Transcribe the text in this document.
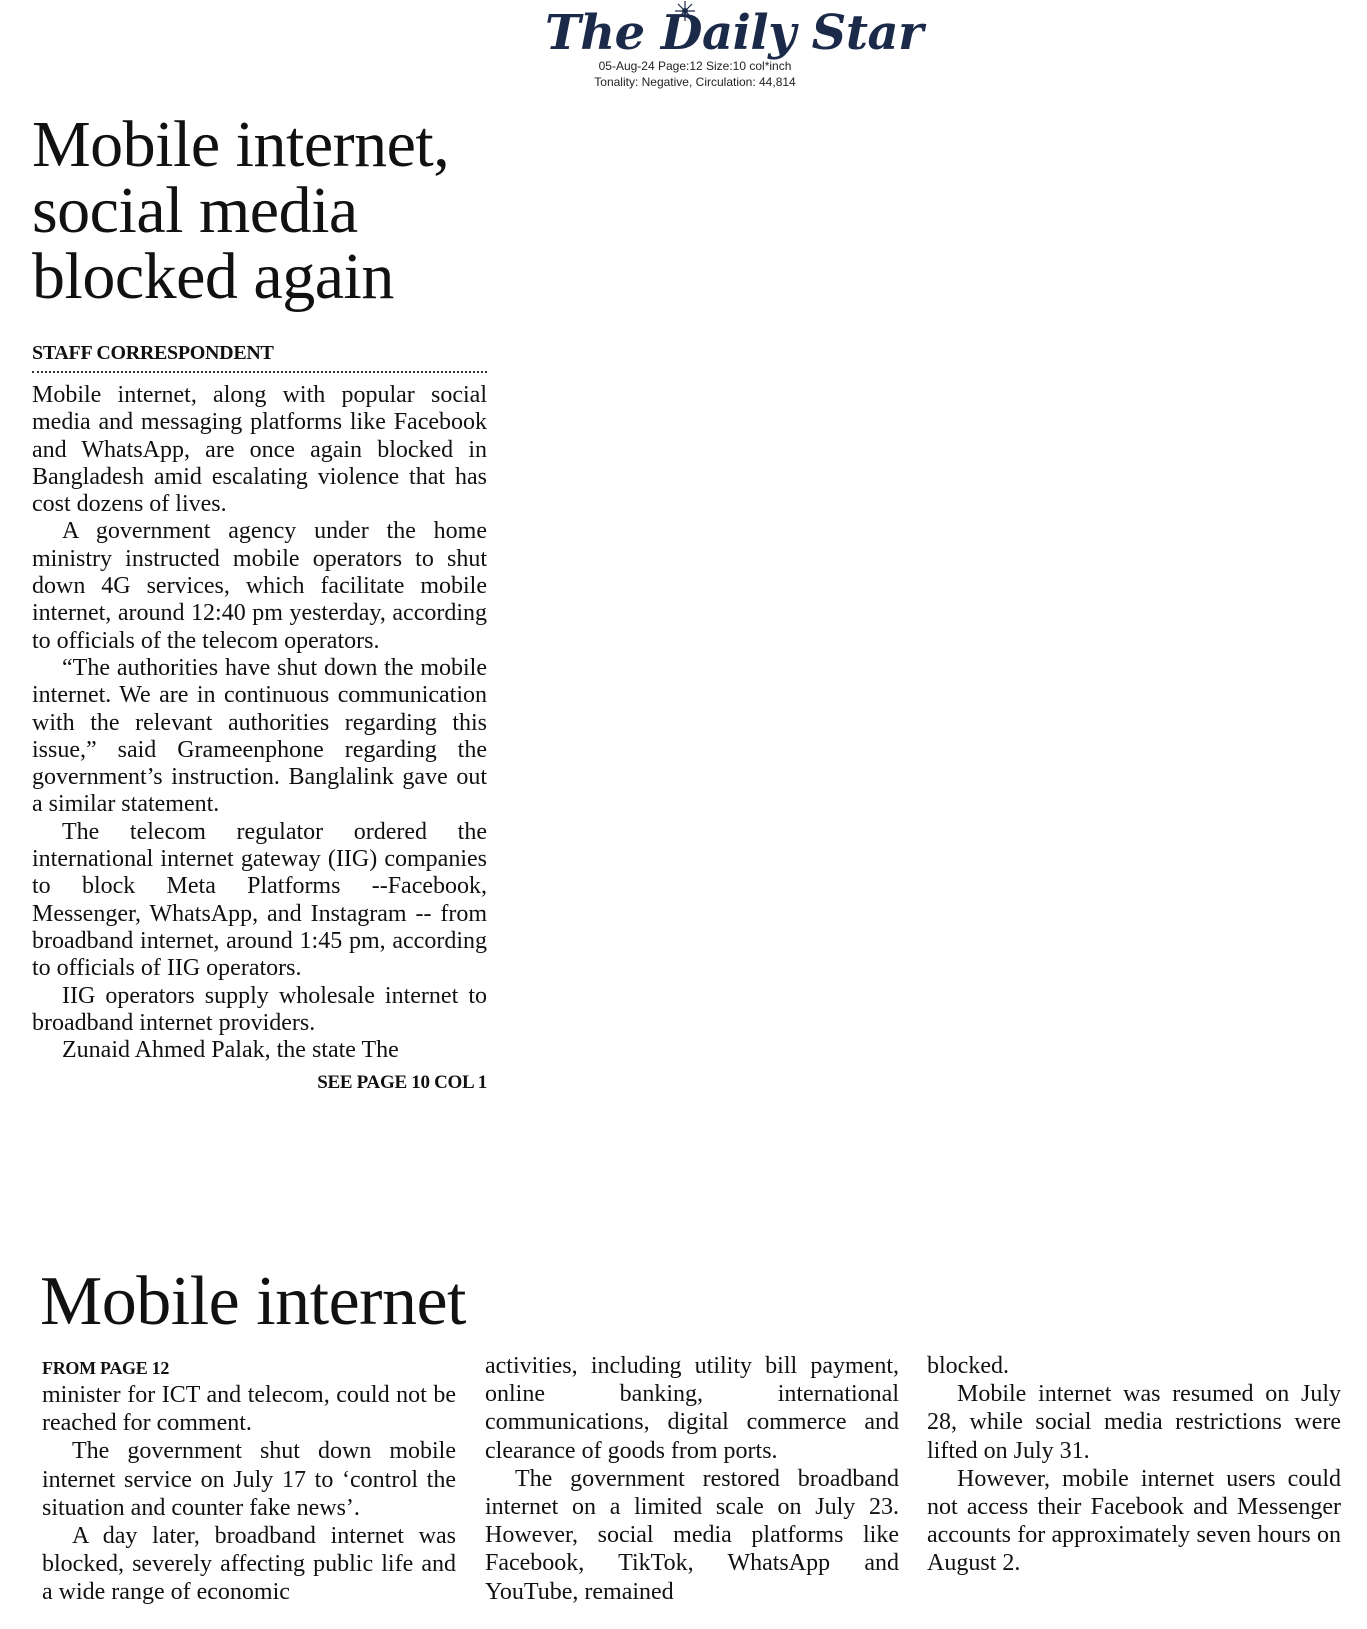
The Daily Star
05-Aug-24 Page:12 Size:10 col*inch
Tonality: Negative, Circulation: 44,814
Mobile internet,
social media
blocked again
STAFF CORRESPONDENT

Mobile internet, along with popular social media and messaging platforms like Facebook and WhatsApp, are once again blocked in Bangladesh amid escalating violence that has cost dozens of lives.

A government agency under the home ministry instructed mobile operators to shut down 4G services, which facilitate mobile internet, around 12:40 pm yesterday, according to officials of the telecom operators.

“The authorities have shut down the mobile internet. We are in continuous communication with the relevant authorities regarding this issue,” said Grameenphone regarding the government’s instruction. Banglalink gave out a similar statement.

The telecom regulator ordered the international internet gateway (IIG) companies to block Meta Platforms --Facebook, Messenger, WhatsApp, and Instagram -- from broadband internet, around 1:45 pm, according to officials of IIG operators.

IIG operators supply wholesale internet to broadband internet providers.

Zunaid Ahmed Palak, the state The

SEE PAGE 10 COL 1
Mobile internet
FROM PAGE 12

minister for ICT and telecom, could not be reached for comment.

The government shut down mobile internet service on July 17 to ‘control the situation and counter fake news’.

A day later, broadband internet was blocked, severely affecting public life and a wide range of economic

activities, including utility bill payment, online banking, international communications, digital commerce and clearance of goods from ports.

The government restored broadband internet on a limited scale on July 23. However, social media platforms like Facebook, TikTok, WhatsApp and YouTube, remained

blocked.

Mobile internet was resumed on July 28, while social media restrictions were lifted on July 31.

However, mobile internet users could not access their Facebook and Messenger accounts for approximately seven hours on August 2.
